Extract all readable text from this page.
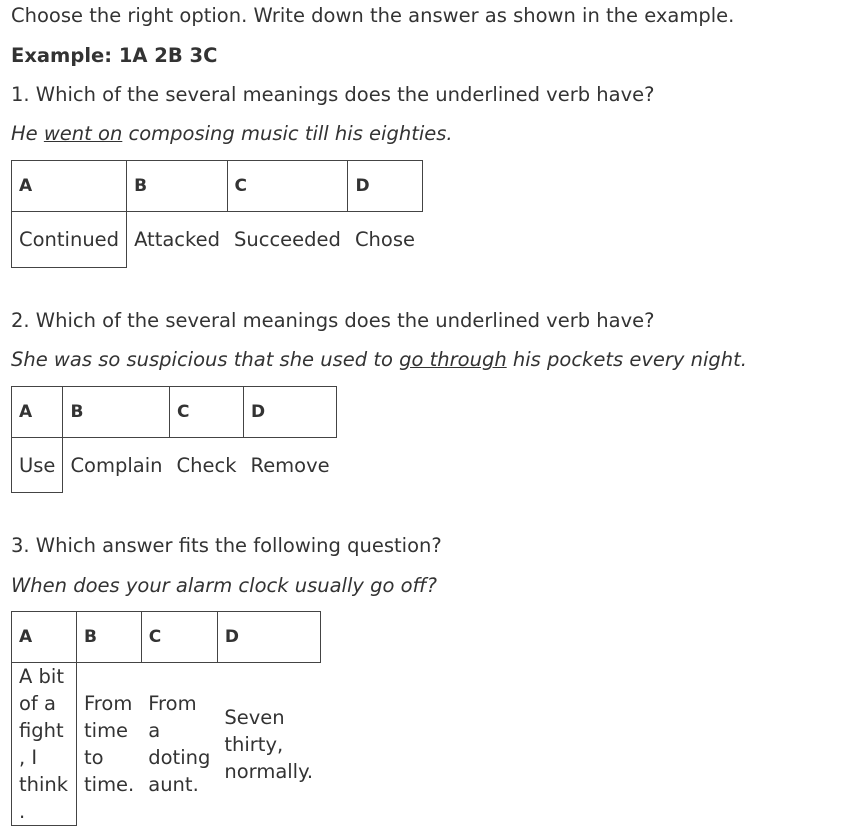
Choose the right option. Write down the answer as shown in the example.
Example: 1A 2B 3C
1. Which of the several meanings does the underlined verb have?
He went on composing music till his eighties.
A	B	C	D
Continued	Attacked	Succeeded	Chose
2. Which of the several meanings does the underlined verb have?
She was so suspicious that she used to go through his pockets every night.
A	B	C	D
Use	Complain	Check	Remove
3. Which answer fits the following question?
When does your alarm clock usually go off?
A	B	C	D
A bit of a fight, I think.	From time to time.	From a doting aunt.	Seven thirty, normally.
